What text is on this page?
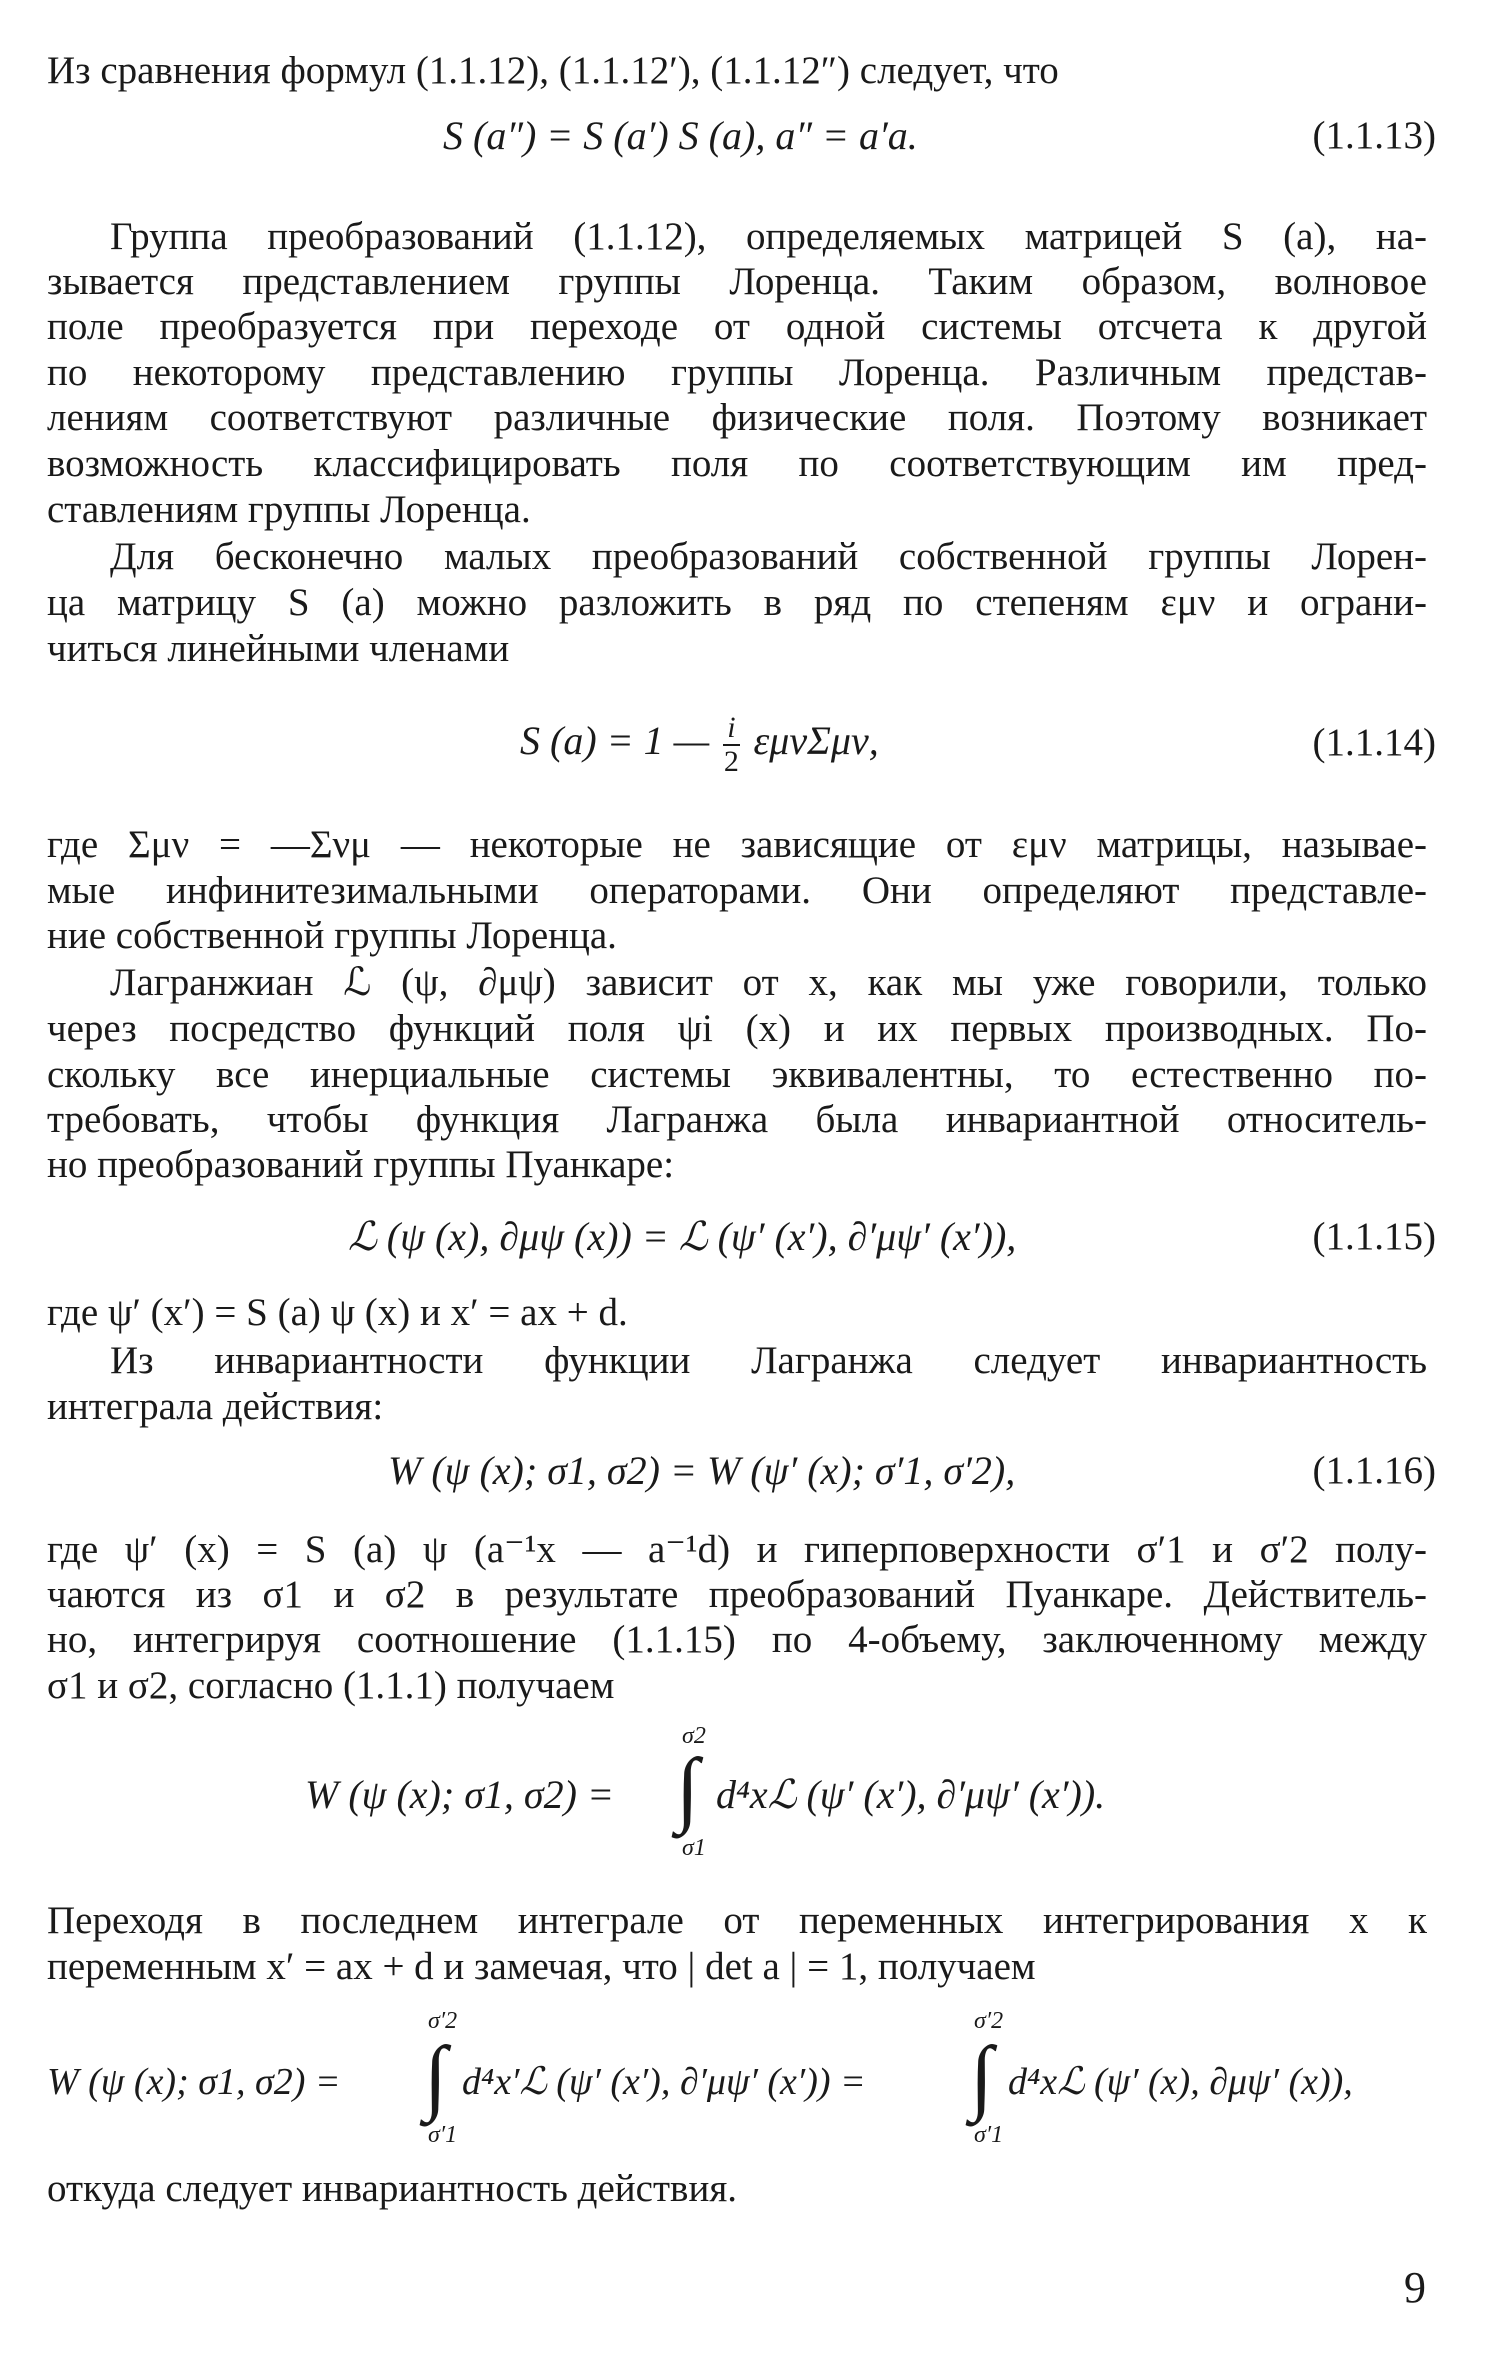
Из сравнения формул (1.1.12), (1.1.12′), (1.1.12″) следует, что
S (a″) = S (a′) S (a), a″ = a′a.	(1.1.13)
Группа преобразований (1.1.12), определяемых матрицей S (a), на-
зывается представлением группы Лоренца. Таким образом, волновое
поле преобразуется при переходе от одной системы отсчета к другой
по некоторому представлению группы Лоренца. Различным представ-
лениям соответствуют различные физические поля. Поэтому возникает
возможность классифицировать поля по соответствующим им пред-
ставлениям группы Лоренца.
Для бесконечно малых преобразований собственной группы Лорен-
ца матрицу S (a) можно разложить в ряд по степеням εμν и ограни-
читься линейными членами
S (a) = 1 — $\frac{i}{2} \varepsilon\mu\nu\Sigma\mu\nu$,	(1.1.14)
где Σμν = —Σνμ — некоторые не зависящие от εμν матрицы, называе-
мые инфинитезимальными операторами. Они определяют представле-
ние собственной группы Лоренца.
Лагранжиан ℒ (ψ, ∂μψ) зависит от x, как мы уже говорили, только
через посредство функций поля ψi (x) и их первых производных. По-
скольку все инерциальные системы эквивалентны, то естественно по-
требовать, чтобы функция Лагранжа была инвариантной относитель-
но преобразований группы Пуанкаре:
ℒ (ψ (x), ∂μψ (x)) = ℒ (ψ′ (x′), ∂′μψ′ (x′)),	(1.1.15)
где ψ′ (x′) = S (a) ψ (x) и x′ = ax + d.
Из инвариантности функции Лагранжа следует инвариантность
интеграла действия:
W (ψ (x); σ1, σ2) = W (ψ′ (x); σ′1, σ′2),	(1.1.16)
где ψ′ (x) = S (a) ψ (a⁻¹x — a⁻¹d) и гиперповерхности σ′1 и σ′2 полу-
чаются из σ1 и σ2 в результате преобразований Пуанкаре. Действитель-
но, интегрируя соотношение (1.1.15) по 4-объему, заключенному между
σ1 и σ2, согласно (1.1.1) получаем
W (ψ (x); σ1, σ2) = ∫
σ2
σ1
d⁴xℒ (ψ′ (x′), ∂′μψ′ (x′)).
Переходя в последнем интеграле от переменных интегрирования x к
переменным x′ = ax + d и замечая, что | det a | = 1, получаем
W (ψ (x); σ1, σ2) = ∫
σ′2
σ′1
d⁴x′ℒ (ψ′ (x′), ∂′μψ′ (x′)) = ∫
σ′2
σ′1
d⁴xℒ (ψ′ (x), ∂μψ′ (x)),
откуда следует инвариантность действия.
9
